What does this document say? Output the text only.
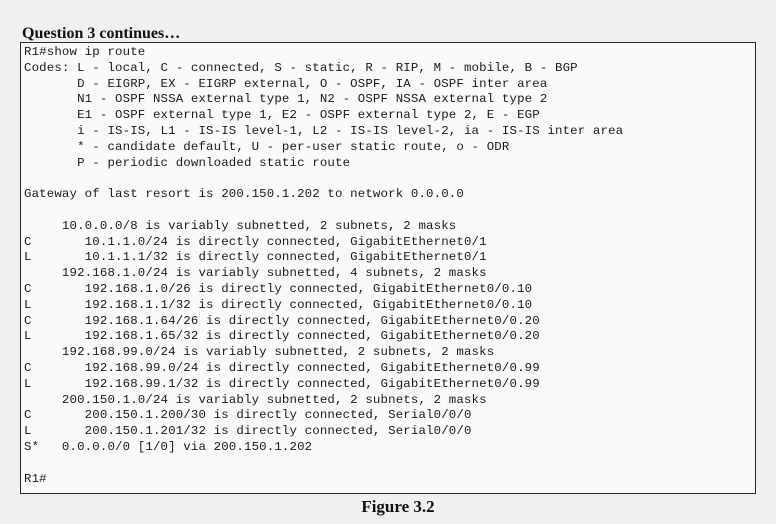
Question 3 continues…
R1#show ip route
Codes: L - local, C - connected, S - static, R - RIP, M - mobile, B - BGP
D - EIGRP, EX - EIGRP external, O - OSPF, IA - OSPF inter area
N1 - OSPF NSSA external type 1, N2 - OSPF NSSA external type 2
E1 - OSPF external type 1, E2 - OSPF external type 2, E - EGP
i - IS-IS, L1 - IS-IS level-1, L2 - IS-IS level-2, ia - IS-IS inter area
* - candidate default, U - per-user static route, o - ODR
P - periodic downloaded static route
Gateway of last resort is 200.150.1.202 to network 0.0.0.0
10.0.0.0/8 is variably subnetted, 2 subnets, 2 masks
C       10.1.1.0/24 is directly connected, GigabitEthernet0/1
L       10.1.1.1/32 is directly connected, GigabitEthernet0/1
192.168.1.0/24 is variably subnetted, 4 subnets, 2 masks
C       192.168.1.0/26 is directly connected, GigabitEthernet0/0.10
L       192.168.1.1/32 is directly connected, GigabitEthernet0/0.10
C       192.168.1.64/26 is directly connected, GigabitEthernet0/0.20
L       192.168.1.65/32 is directly connected, GigabitEthernet0/0.20
192.168.99.0/24 is variably subnetted, 2 subnets, 2 masks
C       192.168.99.0/24 is directly connected, GigabitEthernet0/0.99
L       192.168.99.1/32 is directly connected, GigabitEthernet0/0.99
200.150.1.0/24 is variably subnetted, 2 subnets, 2 masks
C       200.150.1.200/30 is directly connected, Serial0/0/0
L       200.150.1.201/32 is directly connected, Serial0/0/0
S*   0.0.0.0/0 [1/0] via 200.150.1.202
R1#
Figure 3.2
